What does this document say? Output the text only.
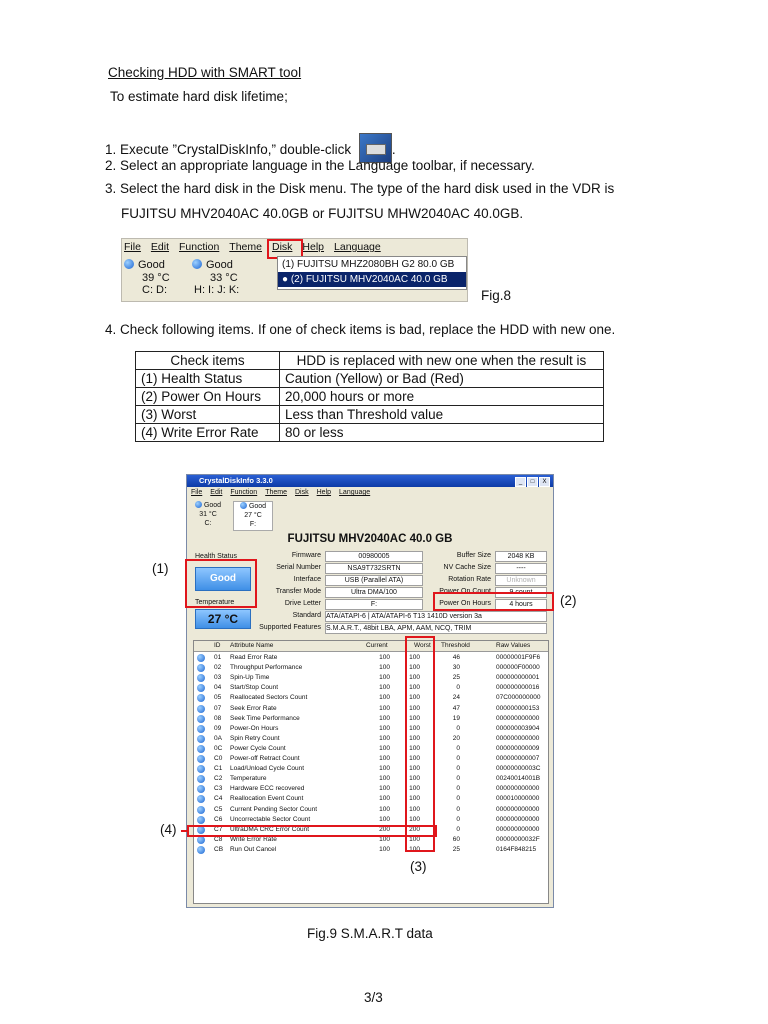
Checking HDD with SMART tool
To estimate hard disk lifetime;
1. Execute ”CrystalDiskInfo,” double-click	.
2. Select an appropriate language in the Language toolbar, if necessary.
3. Select the hard disk in the Disk menu. The type of the hard disk used in the VDR is
FUJITSU MHV2040AC 40.0GB or FUJITSU MHW2040AC 40.0GB.
File Edit Function Theme Disk Help Language
Good
39 °C
C: D:
Good
33 °C
H: I: J: K:
(1) FUJITSU MHZ2080BH G2 80.0 GB
● (2) FUJITSU MHV2040AC 40.0 GB
Fig.8
4. Check following items. If one of check items is bad, replace the HDD with new one.
Check items	HDD is replaced with new one when the result is
(1) Health Status	Caution (Yellow) or Bad (Red)
(2) Power On Hours	20,000 hours or more
(3) Worst	Less than Threshold value
(4) Write Error Rate	80 or less
CrystalDiskInfo 3.3.0	_	□	X
File Edit Function Theme Disk Help Language
Good
31 °C
C:
Good
27 °C
F:
FUJITSU MHV2040AC 40.0 GB
Health Status
Good
Temperature
27 °C
Firmware	00980005
Serial Number	NSA9T732SRTN
Interface	USB (Parallel ATA)
Transfer Mode	Ultra DMA/100
Drive Letter	F:
Buffer Size	2048 KB
NV Cache Size	----
Rotation Rate	Unknown
Power On Count	9 count
Power On Hours	4 hours
Standard ATA/ATAPI-6 | ATA/ATAPI-6 T13 1410D version 3a
Supported Features S.M.A.R.T., 48bit LBA, APM, AAM, NCQ, TRIM
ID Attribute Name	Current	Worst Threshold	Raw Values
01 Read Error Rate	100	100	46	00000001F9F6
02 Throughput Performance	100	100	30	000000F00000
03 Spin-Up Time	100	100	25	000000000001
04 Start/Stop Count	100	100	0	000000000016
05 Reallocated Sectors Count	100	100	24	07C000000000
07 Seek Error Rate	100	100	47	000000000153
08 Seek Time Performance	100	100	19	000000000000
09 Power-On Hours	100	100	0	000000003904
0A Spin Retry Count	100	100	20	000000000000
0C Power Cycle Count	100	100	0	000000000009
C0 Power-off Retract Count	100	100	0	000000000007
C1 Load/Unload Cycle Count	100	100	0	00000000003C
C2 Temperature	100	100	0	00240014001B
C3 Hardware ECC recovered	100	100	0	000000000000
C4 Reallocation Event Count	100	100	0	000010000000
C5 Current Pending Sector Count	100	100	0	000000000000
C6 Uncorrectable Sector Count	100	100	0	000000000000
C7 UltraDMA CRC Error Count	200	200	0	000000000000
C8 Write Error Rate	100	100	60	00000000032F
CB Run Out Cancel	100	100	25	0164F848215
(1)
(2)
(3)
(4)
Fig.9 S.M.A.R.T data
3/3
